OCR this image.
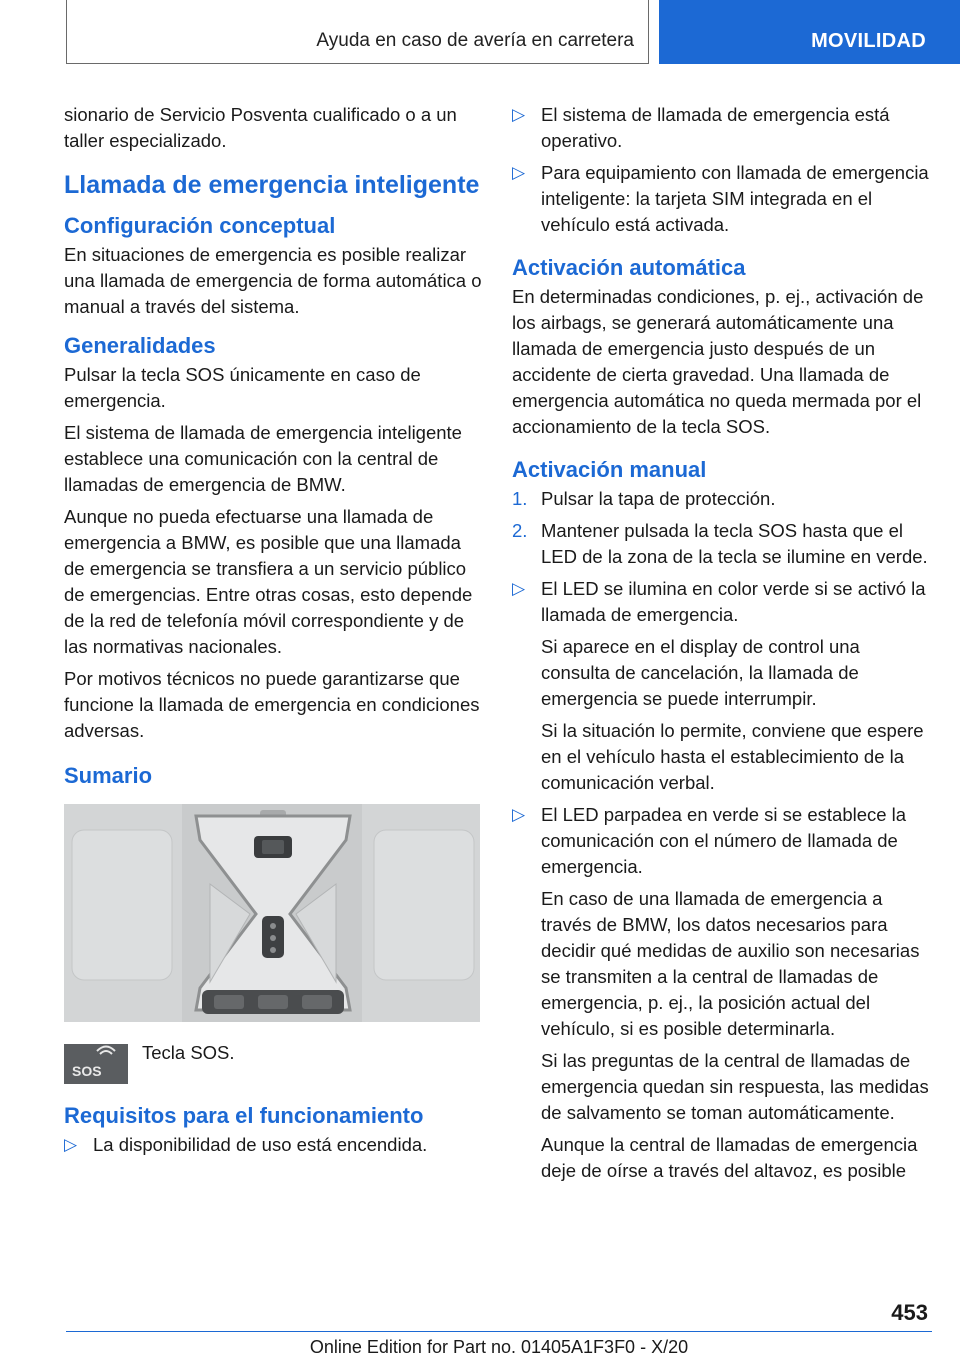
Ayuda en caso de avería en carretera	MOVILIDAD

sionario de Servicio Posventa cualificado o a un taller especializado.

Llamada de emergencia inteligente
Configuración conceptual

En situaciones de emergencia es posible realizar una llamada de emergencia de forma automática o manual a través del sistema.

Generalidades

Pulsar la tecla SOS únicamente en caso de emergencia.

El sistema de llamada de emergencia inteligente establece una comunicación con la central de llamadas de emergencia de BMW.

Aunque no pueda efectuarse una llamada de emergencia a BMW, es posible que una llamada de emergencia se transfiera a un servicio público de emergencias. Entre otras cosas, esto depende de la red de telefonía móvil correspondiente y de las normativas nacionales.

Por motivos técnicos no puede garantizarse que funcione la llamada de emergencia en condiciones adversas.

Sumario
SOS
Tecla SOS.
Requisitos para el funcionamiento
▷ La disponibilidad de uso está encendida.
▷ El sistema de llamada de emergencia está operativo.
▷ Para equipamiento con llamada de emergencia inteligente: la tarjeta SIM integrada en el vehículo está activada.
Activación automática

En determinadas condiciones, p. ej., activación de los airbags, se generará automáticamente una llamada de emergencia justo después de un accidente de cierta gravedad. Una llamada de emergencia automática no queda mermada por el accionamiento de la tecla SOS.

Activación manual
1. Pulsar la tapa de protección.
2. Mantener pulsada la tecla SOS hasta que el LED de la zona de la tecla se ilumine en verde.
▷ El LED se ilumina en color verde si se activó la llamada de emergencia.

Si aparece en el display de control una consulta de cancelación, la llamada de emergencia se puede interrumpir.

Si la situación lo permite, conviene que espere en el vehículo hasta el establecimiento de la comunicación verbal.

▷ El LED parpadea en verde si se establece la comunicación con el número de llamada de emergencia.

En caso de una llamada de emergencia a través de BMW, los datos necesarios para decidir qué medidas de auxilio son necesarias se transmiten a la central de llamadas de emergencia, p. ej., la posición actual del vehículo, si es posible determinarla.

Si las preguntas de la central de llamadas de emergencia quedan sin respuesta, las medidas de salvamento se toman automáticamente.

Aunque la central de llamadas de emergencia deje de oírse a través del altavoz, es posible

453
Online Edition for Part no. 01405A1F3F0 - X/20
